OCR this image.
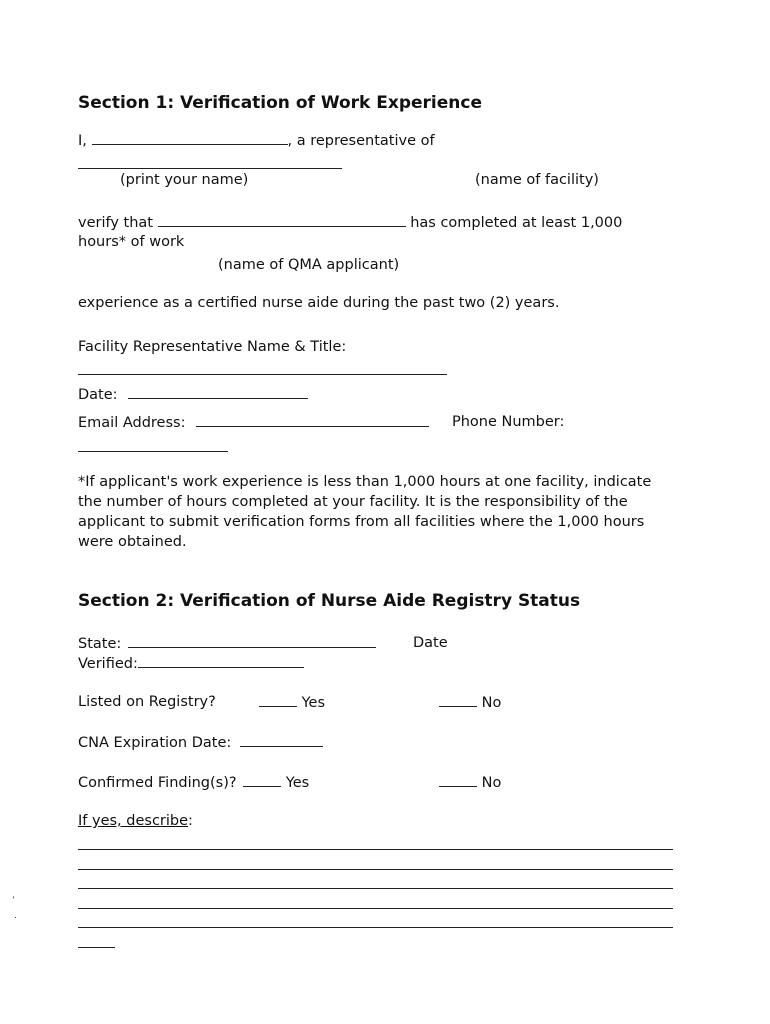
Section 1: Verification of Work Experience
I,	, a representative of
(print your name)	(name of facility)
verify that	has completed at least 1,000
hours* of work
(name of QMA applicant)
experience as a certified nurse aide during the past two (2) years.
Facility Representative Name & Title:
Date:
Email Address:	Phone Number:
*If applicant's work experience is less than 1,000 hours at one facility, indicate
the number of hours completed at your facility. It is the responsibility of the
applicant to submit verification forms from all facilities where the 1,000 hours
were obtained.
Section 2: Verification of Nurse Aide Registry Status
State:	Date
Verified:
Listed on Registry?	Yes	No
CNA Expiration Date:
Confirmed Finding(s)?	Yes	No
If yes, describe:
’
.
